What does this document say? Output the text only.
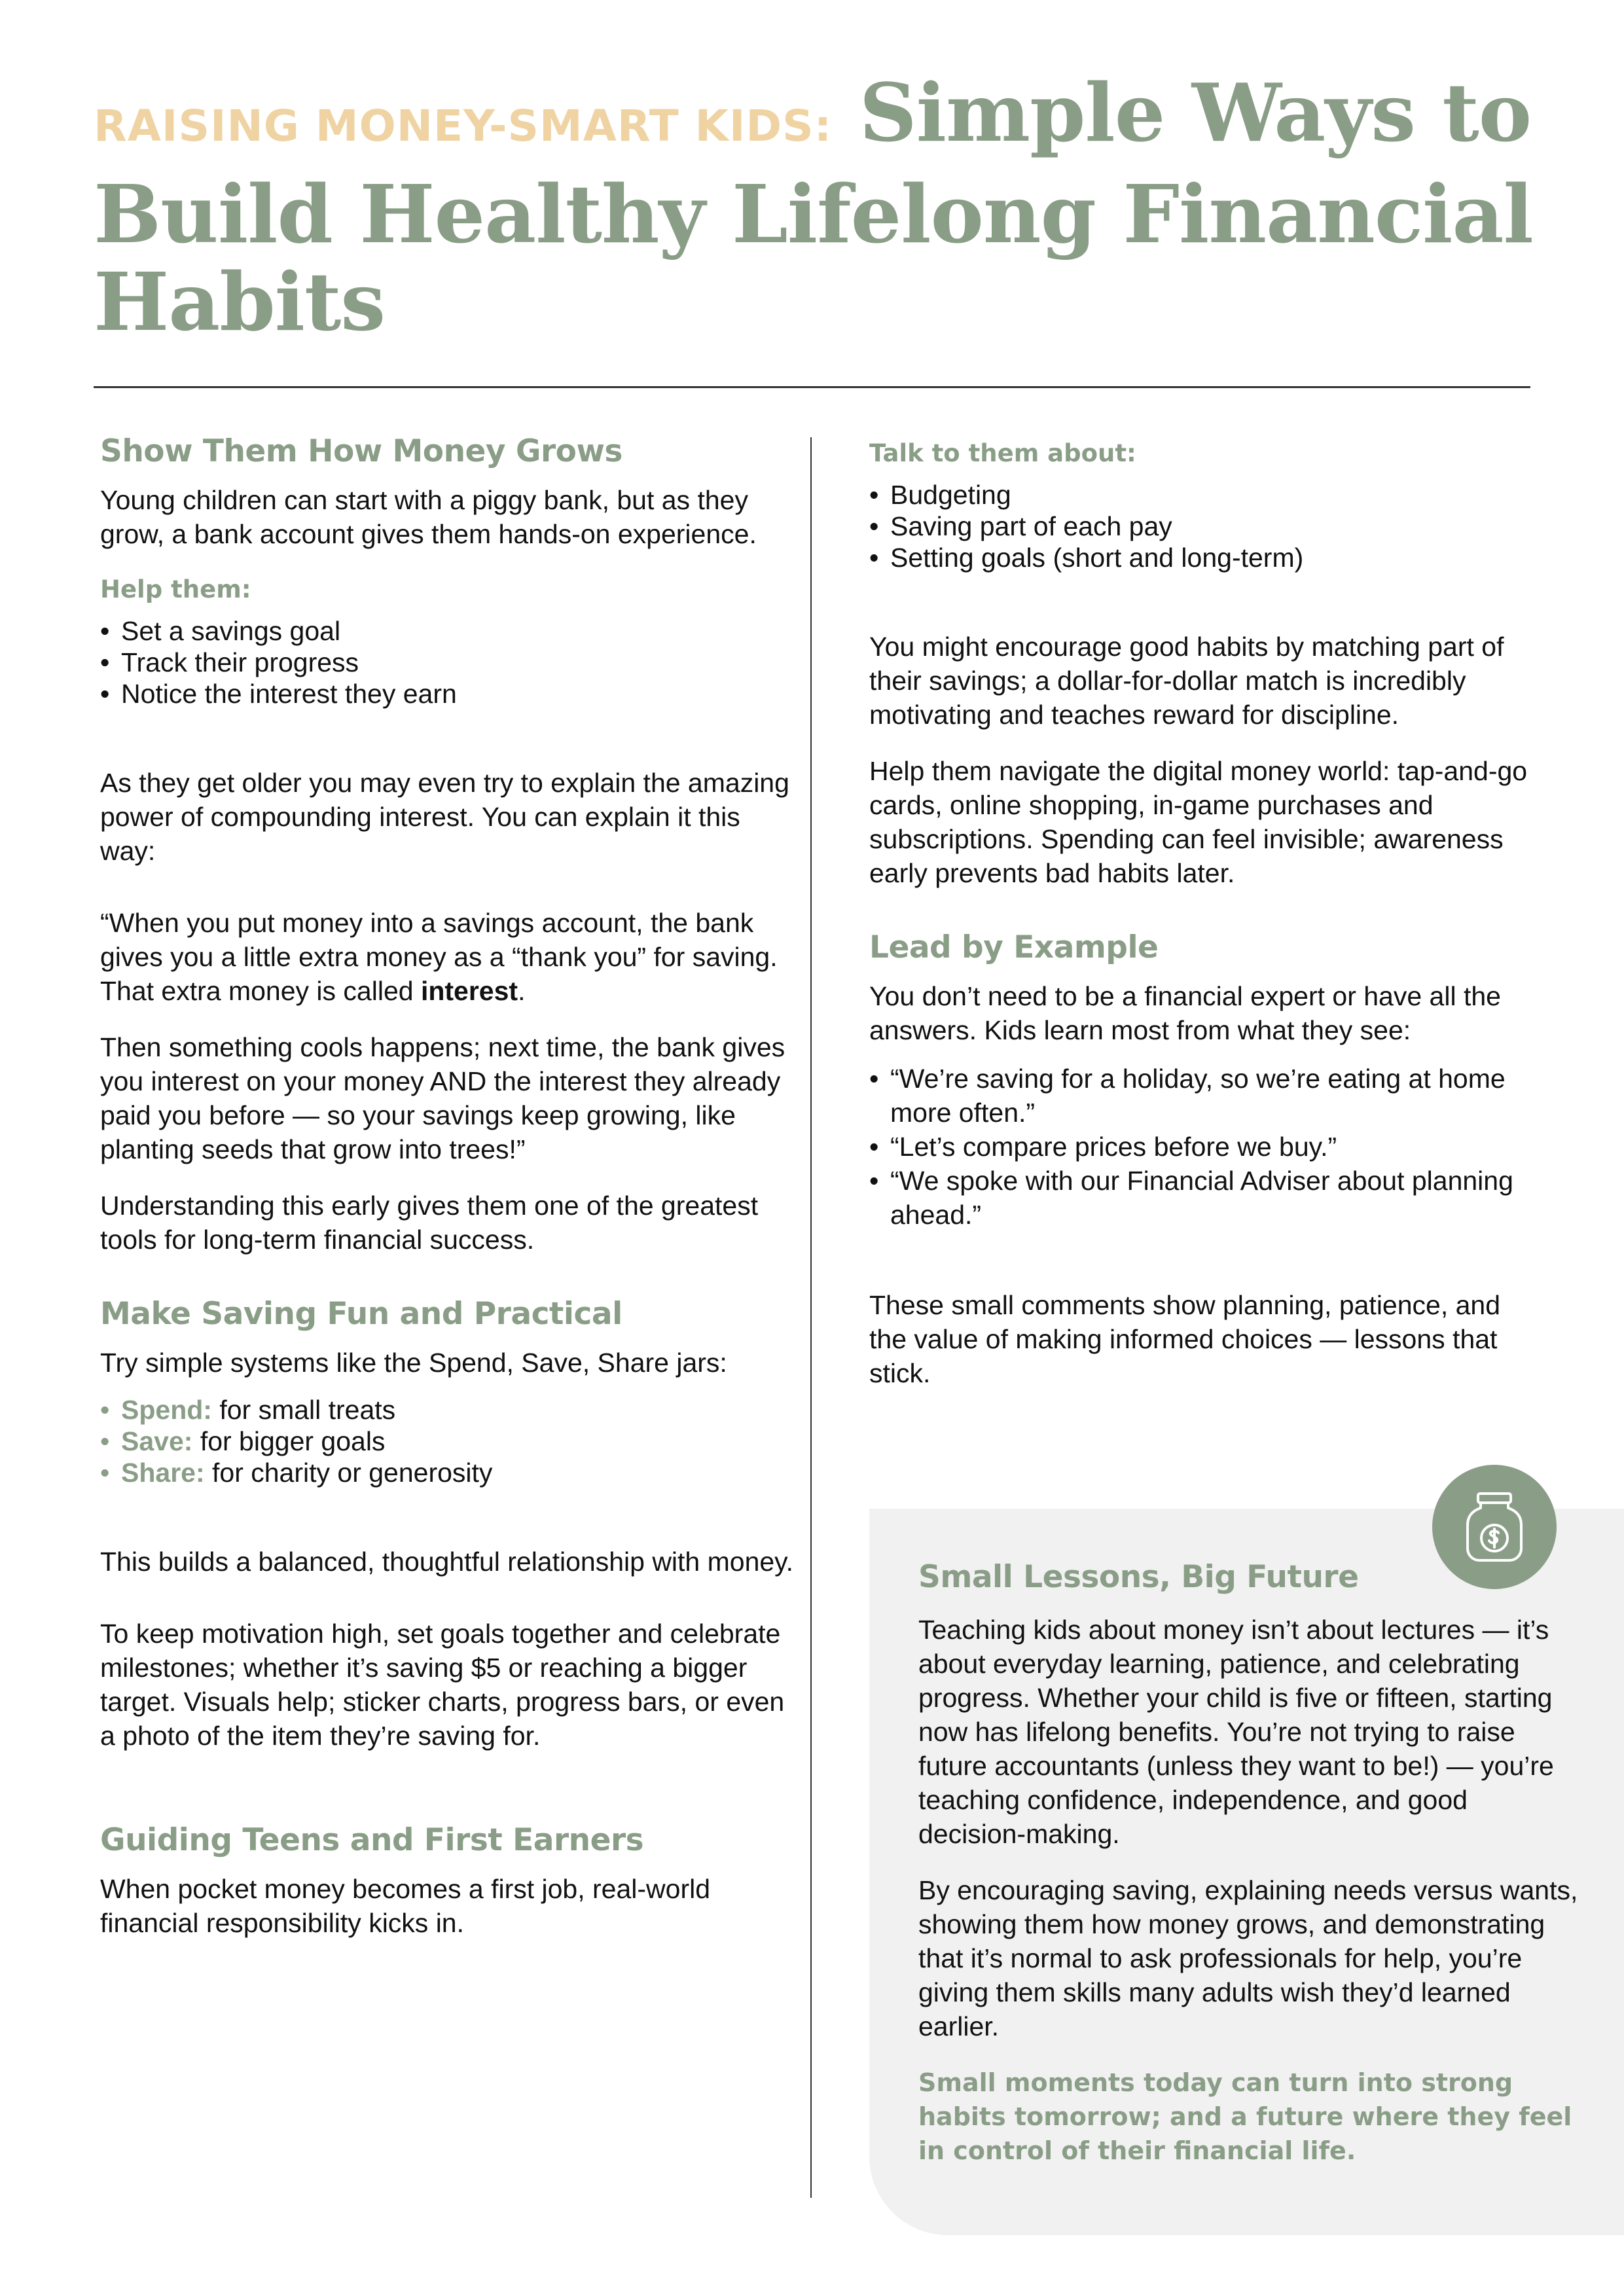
RAISING MONEY-SMART KIDS: Simple Ways to Build Healthy Lifelong Financial Habits
Show Them How Money Grows

Young children can start with a piggy bank, but as they grow, a bank account gives them hands-on experience.

Help them:
• Set a savings goal
• Track their progress
• Notice the interest they earn

As they get older you may even try to explain the amazing power of compounding interest. You can explain it this way:

“When you put money into a savings account, the bank gives you a little extra money as a “thank you” for saving. That extra money is called interest.

Then something cools happens; next time, the bank gives you interest on your money AND the interest they already paid you before — so your savings keep growing, like planting seeds that grow into trees!”

Understanding this early gives them one of the greatest tools for long-term financial success.

Make Saving Fun and Practical

Try simple systems like the Spend, Save, Share jars:

• Spend: for small treats
• Save: for bigger goals
• Share: for charity or generosity

This builds a balanced, thoughtful relationship with money.

To keep motivation high, set goals together and celebrate milestones; whether it’s saving $5 or reaching a bigger target. Visuals help; sticker charts, progress bars, or even a photo of the item they’re saving for.

Guiding Teens and First Earners

When pocket money becomes a first job, real-world financial responsibility kicks in.

Talk to them about:
• Budgeting
• Saving part of each pay
• Setting goals (short and long-term)

You might encourage good habits by matching part of their savings; a dollar-for-dollar match is incredibly motivating and teaches reward for discipline.

Help them navigate the digital money world: tap-and-go cards, online shopping, in-game purchases and subscriptions. Spending can feel invisible; awareness early prevents bad habits later.

Lead by Example

You don’t need to be a financial expert or have all the answers. Kids learn most from what they see:

• “We’re saving for a holiday, so we’re eating at home more often.”
• “Let’s compare prices before we buy.”
• “We spoke with our Financial Adviser about planning ahead.”

These small comments show planning, patience, and the value of making informed choices — lessons that stick.

Small Lessons, Big Future

Teaching kids about money isn’t about lectures — it’s about everyday learning, patience, and celebrating progress. Whether your child is five or fifteen, starting now has lifelong benefits. You’re not trying to raise future accountants (unless they want to be!) — you’re teaching confidence, independence, and good decision-making.

By encouraging saving, explaining needs versus wants, showing them how money grows, and demonstrating that it’s normal to ask professionals for help, you’re giving them skills many adults wish they’d learned earlier.

Small moments today can turn into strong habits tomorrow; and a future where they feel in control of their financial life.
